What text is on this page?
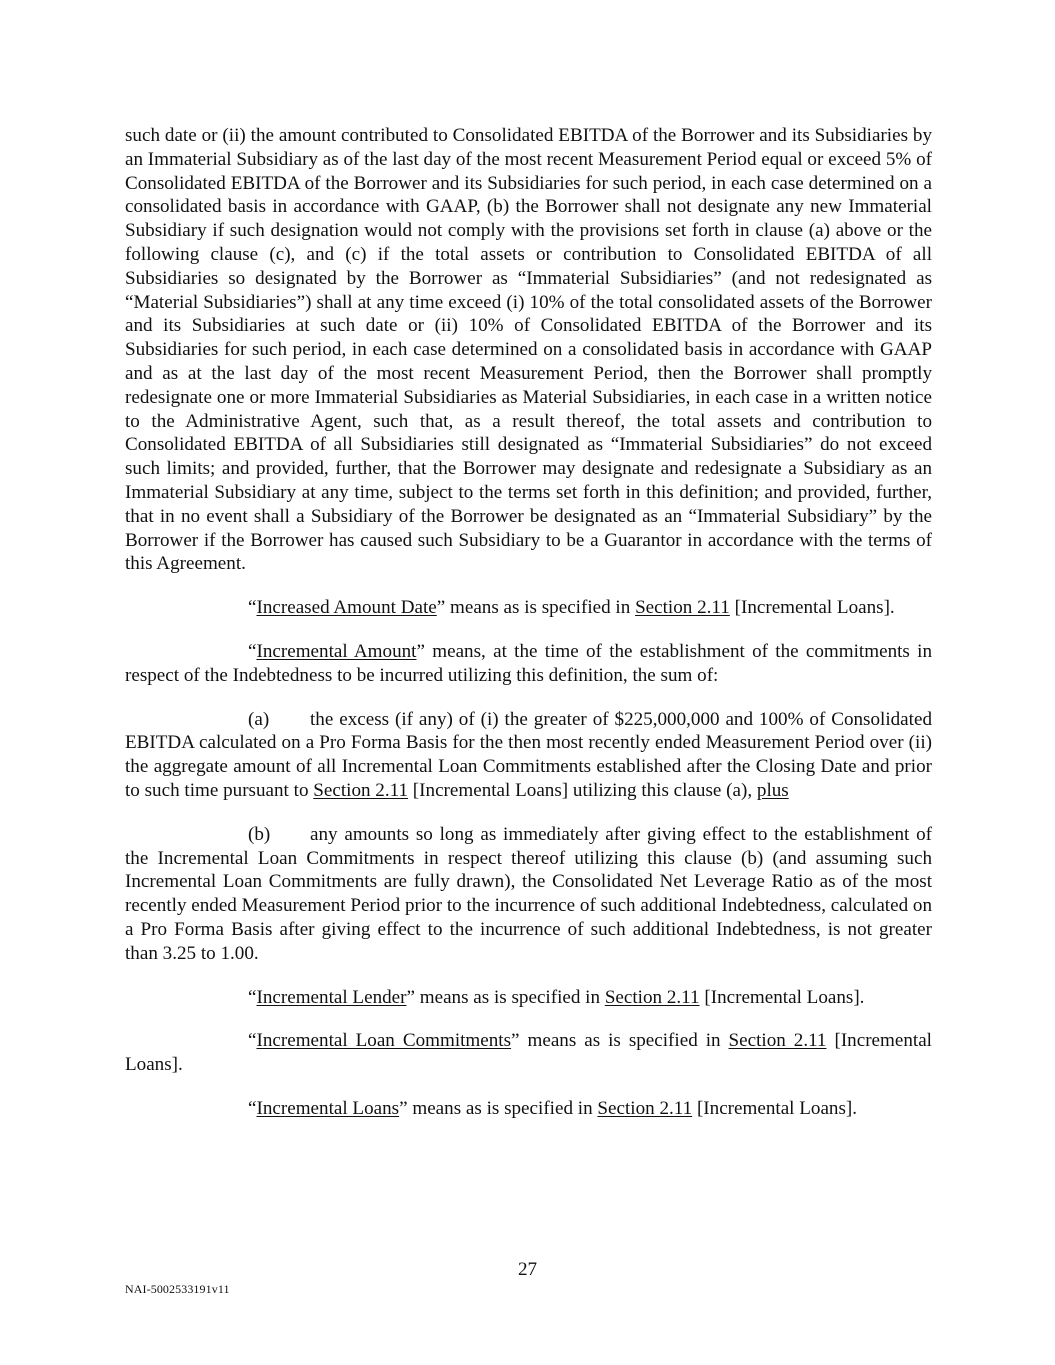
such date or (ii) the amount contributed to Consolidated EBITDA of the Borrower and its Subsidiaries by an Immaterial Subsidiary as of the last day of the most recent Measurement Period equal or exceed 5% of Consolidated EBITDA of the Borrower and its Subsidiaries for such period, in each case determined on a consolidated basis in accordance with GAAP, (b) the Borrower shall not designate any new Immaterial Subsidiary if such designation would not comply with the provisions set forth in clause (a) above or the following clause (c), and (c) if the total assets or contribution to Consolidated EBITDA of all Subsidiaries so designated by the Borrower as “Immaterial Subsidiaries” (and not redesignated as “Material Subsidiaries”) shall at any time exceed (i) 10% of the total consolidated assets of the Borrower and its Subsidiaries at such date or (ii) 10% of Consolidated EBITDA of the Borrower and its Subsidiaries for such period, in each case determined on a consolidated basis in accordance with GAAP and as at the last day of the most recent Measurement Period, then the Borrower shall promptly redesignate one or more Immaterial Subsidiaries as Material Subsidiaries, in each case in a written notice to the Administrative Agent, such that, as a result thereof, the total assets and contribution to Consolidated EBITDA of all Subsidiaries still designated as “Immaterial Subsidiaries” do not exceed such limits; and provided, further, that the Borrower may designate and redesignate a Subsidiary as an Immaterial Subsidiary at any time, subject to the terms set forth in this definition; and provided, further, that in no event shall a Subsidiary of the Borrower be designated as an “Immaterial Subsidiary” by the Borrower if the Borrower has caused such Subsidiary to be a Guarantor in accordance with the terms of this Agreement.

“Increased Amount Date” means as is specified in Section 2.11 [Incremental Loans].

“Incremental Amount” means, at the time of the establishment of the commitments in respect of the Indebtedness to be incurred utilizing this definition, the sum of:

(a) the excess (if any) of (i) the greater of $225,000,000 and 100% of Consolidated EBITDA calculated on a Pro Forma Basis for the then most recently ended Measurement Period over (ii) the aggregate amount of all Incremental Loan Commitments established after the Closing Date and prior to such time pursuant to Section 2.11 [Incremental Loans] utilizing this clause (a), plus

(b) any amounts so long as immediately after giving effect to the establishment of the Incremental Loan Commitments in respect thereof utilizing this clause (b) (and assuming such Incremental Loan Commitments are fully drawn), the Consolidated Net Leverage Ratio as of the most recently ended Measurement Period prior to the incurrence of such additional Indebtedness, calculated on a Pro Forma Basis after giving effect to the incurrence of such additional Indebtedness, is not greater than 3.25 to 1.00.

“Incremental Lender” means as is specified in Section 2.11 [Incremental Loans].

“Incremental Loan Commitments” means as is specified in Section 2.11 [Incremental Loans].

“Incremental Loans” means as is specified in Section 2.11 [Incremental Loans].

27
NAI-5002533191v11
